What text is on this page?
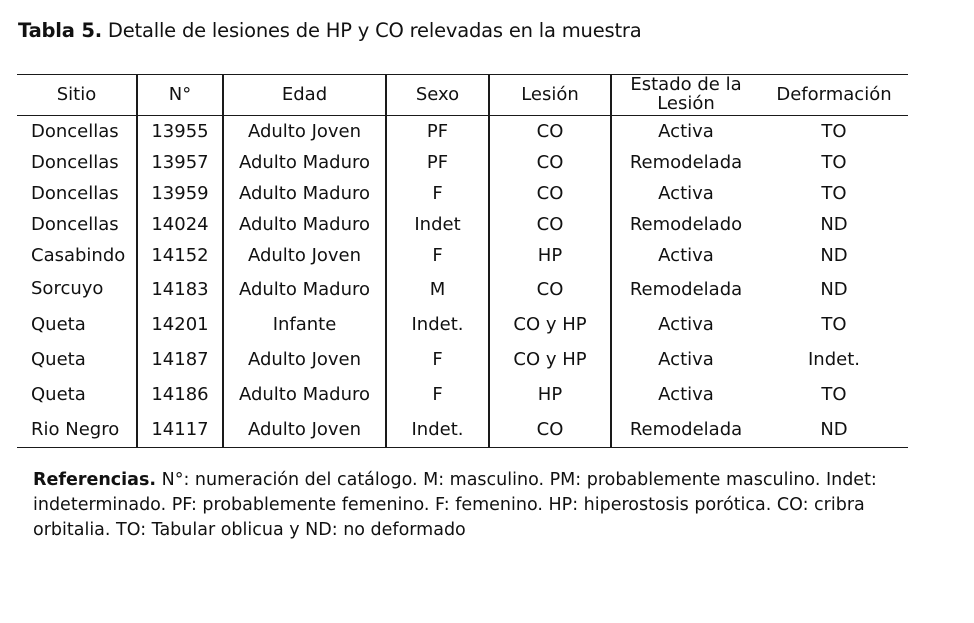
Tabla 5. Detalle de lesiones de HP y CO relevadas en la muestra
Sitio	N°	Edad	Sexo	Lesión	Estado de la
Lesión	Deformación
Doncellas	13955	Adulto Joven	PF	CO	Activa	TO
Doncellas	13957	Adulto Maduro	PF	CO	Remodelada	TO
Doncellas	13959	Adulto Maduro	F	CO	Activa	TO
Doncellas	14024	Adulto Maduro	Indet	CO	Remodelado	ND
Casabindo	14152	Adulto Joven	F	HP	Activa	ND
Sorcuyo	14183	Adulto Maduro	M	CO	Remodelada	ND
Queta	14201	Infante	Indet.	CO y HP	Activa	TO
Queta	14187	Adulto Joven	F	CO y HP	Activa	Indet.
Queta	14186	Adulto Maduro	F	HP	Activa	TO
Rio Negro	14117	Adulto Joven	Indet.	CO	Remodelada	ND
Referencias. N°: numeración del catálogo. M: masculino. PM: probablemente masculino. Indet: indeterminado. PF: probablemente femenino. F: femenino. HP: hiperostosis porótica. CO: cribra orbitalia. TO: Tabular oblicua y ND: no deformado
